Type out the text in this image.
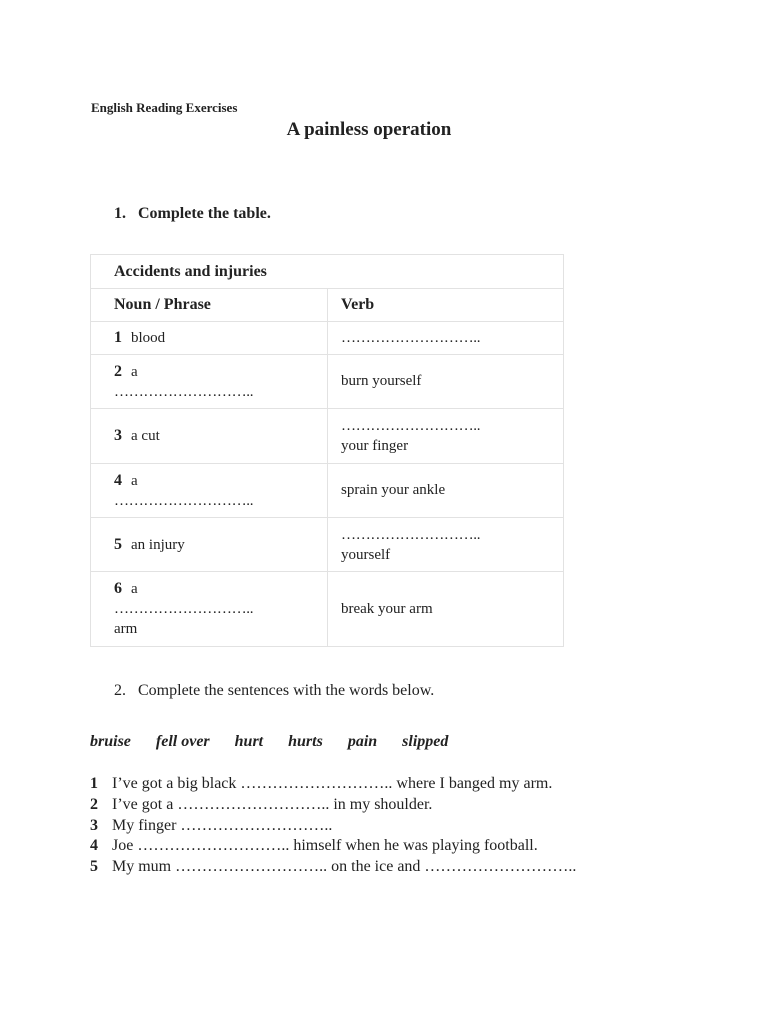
English Reading Exercises
A painless operation
1. Complete the table.
Accidents and injuries	
Noun / Phrase	Verb
1 blood	………………………..

2 a
………………………..	burn yourself
3 a cut	………………………..
your finger

4 a
………………………..	sprain your ankle
5 an injury	………………………..
yourself

6 a
………………………..
arm	break your arm
2. Complete the sentences with the words below.
bruise fell over hurt hurts pain slipped
1 I’ve got a big black ……………………….. where I banged my arm.
2 I’ve got a ……………………….. in my shoulder.
3 My finger ………………………..
4 Joe ……………………….. himself when he was playing football.
5 My mum ……………………….. on the ice and ………………………..
